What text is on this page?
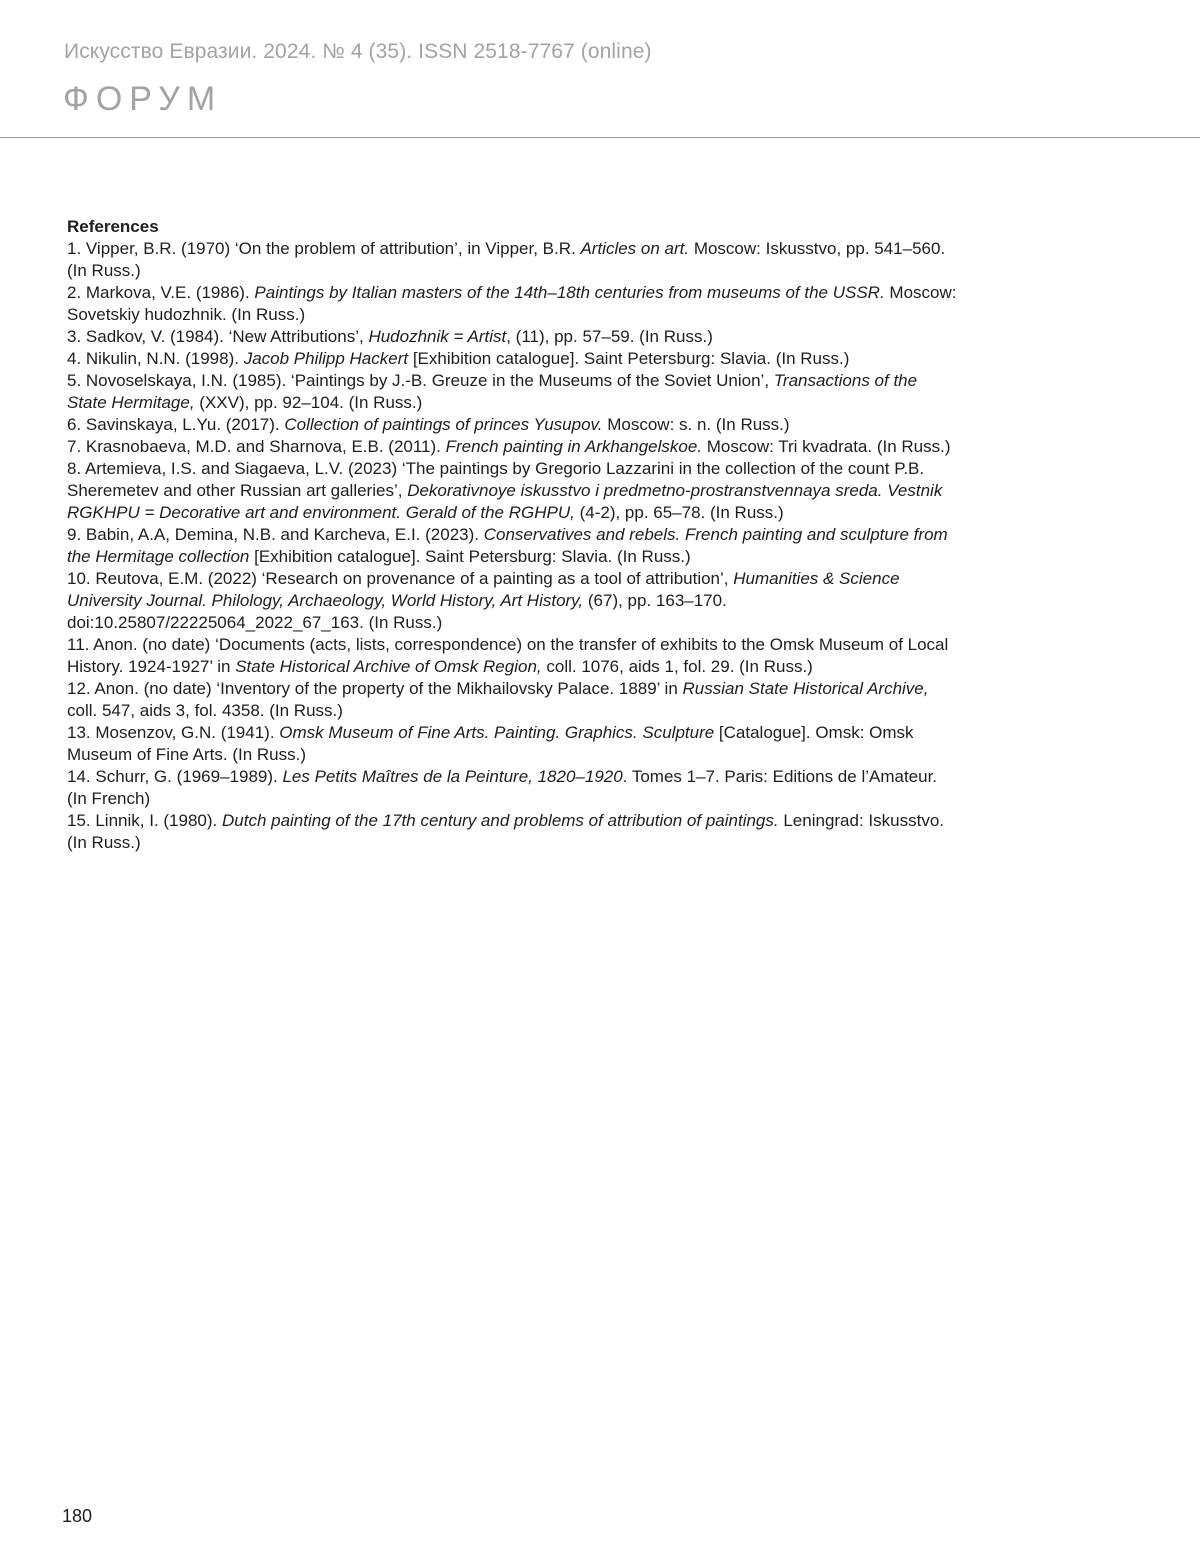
Искусство Евразии. 2024. № 4 (35). ISSN 2518-7767 (online)
ФОРУМ
References
1. Vipper, B.R. (1970) ‘On the problem of attribution’, in Vipper, B.R. Articles on art. Moscow: Iskusstvo, pp. 541–560. (In Russ.)
2. Markova, V.E. (1986). Paintings by Italian masters of the 14th–18th centuries from museums of the USSR. Moscow: Sovetskiy hudozhnik. (In Russ.)
3. Sadkov, V. (1984). ‘New Attributions’, Hudozhnik = Artist, (11), pp. 57–59. (In Russ.)
4. Nikulin, N.N. (1998). Jacob Philipp Hackert [Exhibition catalogue]. Saint Petersburg: Slavia. (In Russ.)
5. Novoselskaya, I.N. (1985). ‘Paintings by J.-B. Greuze in the Museums of the Soviet Union’, Transactions of the State Hermitage, (XXV), pp. 92–104. (In Russ.)
6. Savinskaya, L.Yu. (2017). Collection of paintings of princes Yusupov. Moscow: s. n. (In Russ.)
7. Krasnobaeva, M.D. and Sharnova, E.B. (2011). French painting in Arkhangelskoe. Moscow: Tri kvadrata. (In Russ.)
8. Artemieva, I.S. and Siagaeva, L.V. (2023) ‘The paintings by Gregorio Lazzarini in the collection of the count P.B. Sheremetev and other Russian art galleries’, Dekorativnoye iskusstvo i predmetno-prostranstvennaya sreda. Vestnik RGKHPU = Decorative art and environment. Gerald of the RGHPU, (4-2), pp. 65–78. (In Russ.)
9. Babin, A.A, Demina, N.B. and Karcheva, E.I. (2023). Conservatives and rebels. French painting and sculpture from the Hermitage collection [Exhibition catalogue]. Saint Petersburg: Slavia. (In Russ.)
10. Reutova, E.M. (2022) ‘Research on provenance of a painting as a tool of attribution’, Humanities & Science University Journal. Philology, Archaeology, World History, Art History, (67), pp. 163–170. doi:10.25807/22225064_2022_67_163. (In Russ.)
11. Anon. (no date) ‘Documents (acts, lists, correspondence) on the transfer of exhibits to the Omsk Museum of Local History. 1924-1927’ in State Historical Archive of Omsk Region, coll. 1076, aids 1, fol. 29. (In Russ.)
12. Anon. (no date) ‘Inventory of the property of the Mikhailovsky Palace. 1889’ in Russian State Historical Archive, coll. 547, aids 3, fol. 4358. (In Russ.)
13. Mosenzov, G.N. (1941). Omsk Museum of Fine Arts. Painting. Graphics. Sculpture [Catalogue]. Omsk: Omsk Museum of Fine Arts. (In Russ.)
14. Schurr, G. (1969–1989). Les Petits Maîtres de la Peinture, 1820–1920. Tomes 1–7. Paris: Editions de l’Amateur. (In French)
15. Linnik, I. (1980). Dutch painting of the 17th century and problems of attribution of paintings. Leningrad: Iskusstvo. (In Russ.)
180
